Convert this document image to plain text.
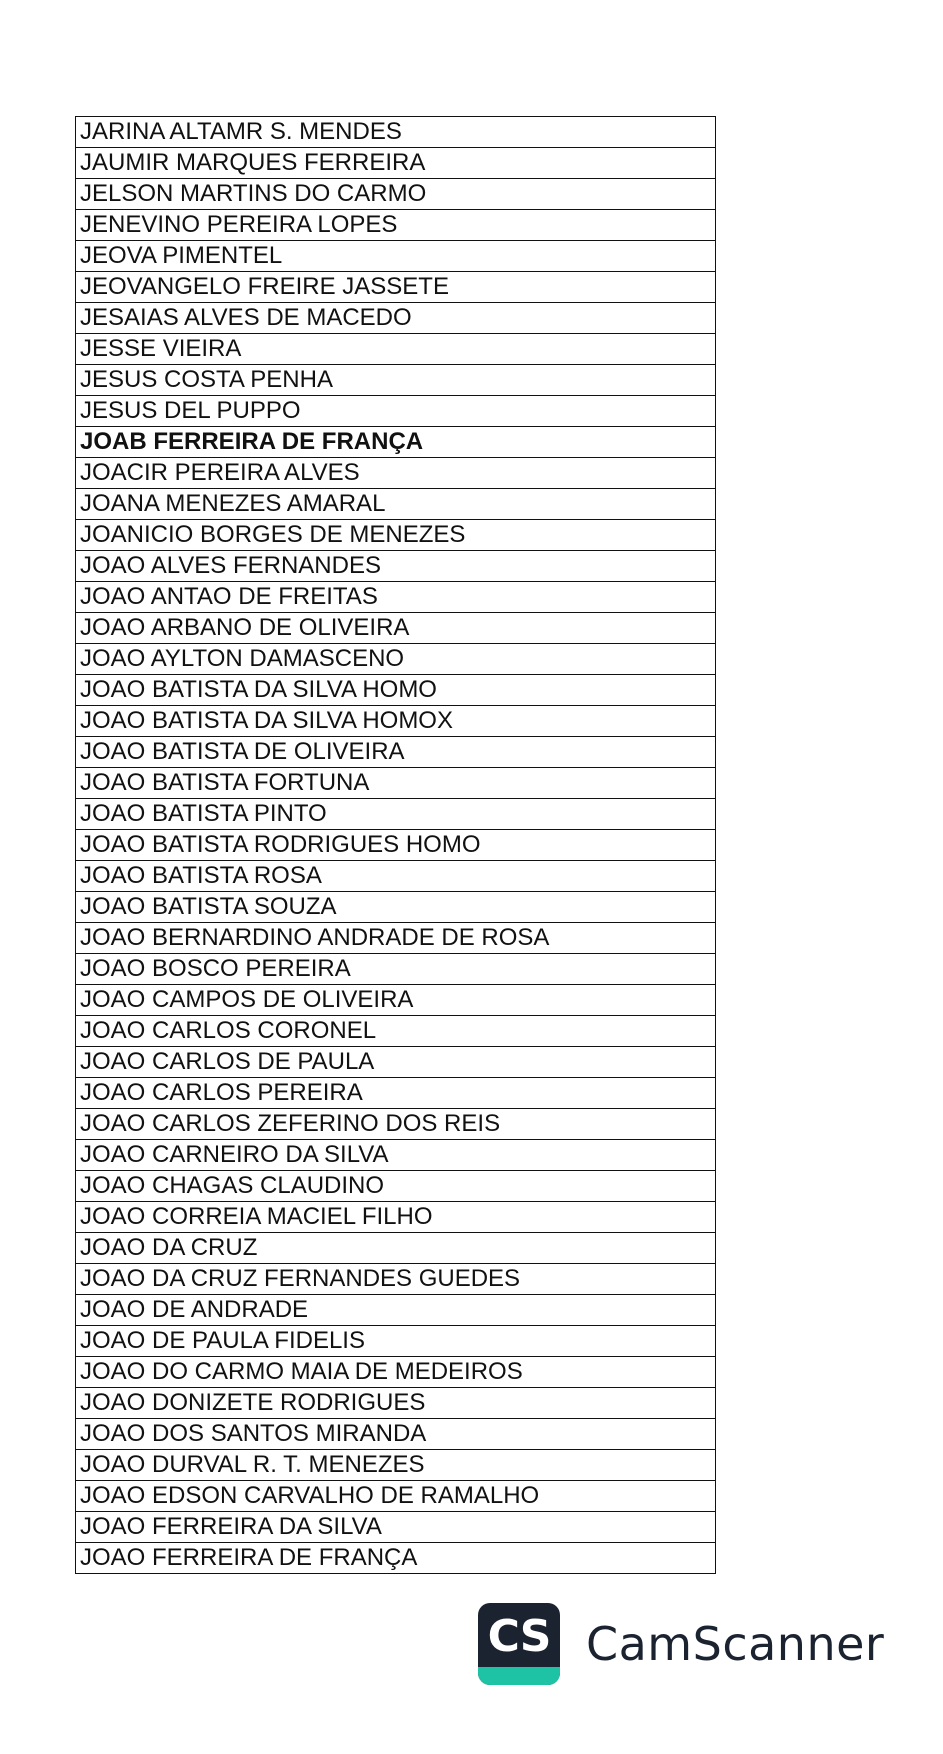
JARINA ALTAMR S. MENDES
JAUMIR MARQUES FERREIRA
JELSON MARTINS DO CARMO
JENEVINO PEREIRA LOPES
JEOVA PIMENTEL
JEOVANGELO FREIRE JASSETE
JESAIAS ALVES DE MACEDO
JESSE VIEIRA
JESUS COSTA PENHA
JESUS DEL PUPPO
JOAB FERREIRA DE FRANÇA
JOACIR PEREIRA ALVES
JOANA MENEZES AMARAL
JOANICIO BORGES DE MENEZES
JOAO ALVES FERNANDES
JOAO ANTAO DE FREITAS
JOAO ARBANO DE OLIVEIRA
JOAO AYLTON DAMASCENO
JOAO BATISTA DA SILVA HOMO
JOAO BATISTA DA SILVA HOMOX
JOAO BATISTA DE OLIVEIRA
JOAO BATISTA FORTUNA
JOAO BATISTA PINTO
JOAO BATISTA RODRIGUES HOMO
JOAO BATISTA ROSA
JOAO BATISTA SOUZA
JOAO BERNARDINO ANDRADE DE ROSA
JOAO BOSCO PEREIRA
JOAO CAMPOS DE OLIVEIRA
JOAO CARLOS CORONEL
JOAO CARLOS DE PAULA
JOAO CARLOS PEREIRA
JOAO CARLOS ZEFERINO DOS REIS
JOAO CARNEIRO DA SILVA
JOAO CHAGAS CLAUDINO
JOAO CORREIA MACIEL FILHO
JOAO DA CRUZ
JOAO DA CRUZ FERNANDES GUEDES
JOAO DE ANDRADE
JOAO DE PAULA FIDELIS
JOAO DO CARMO MAIA DE MEDEIROS
JOAO DONIZETE RODRIGUES
JOAO DOS SANTOS MIRANDA
JOAO DURVAL R. T. MENEZES
JOAO EDSON CARVALHO DE RAMALHO
JOAO FERREIRA DA SILVA
JOAO FERREIRA DE FRANÇA
CS CamScanner
